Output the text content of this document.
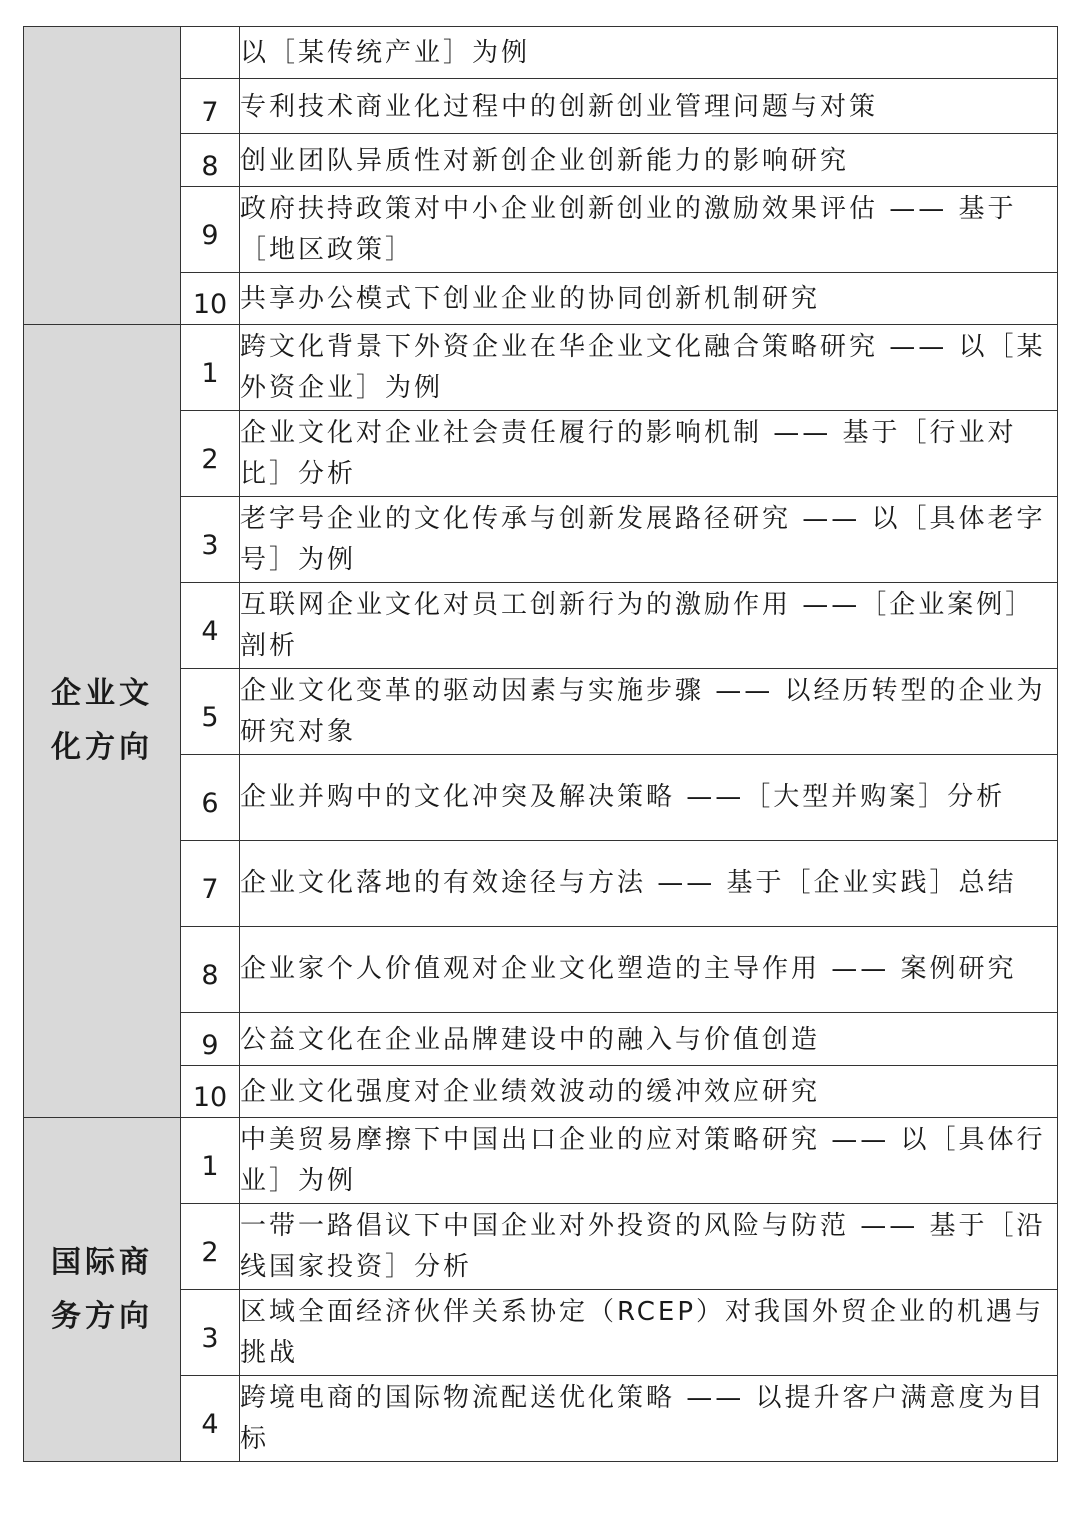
		以［某传统产业］为例
	7	专利技术商业化过程中的创新创业管理问题与对策
	8	创业团队异质性对新创企业创新能力的影响研究
	9	政府扶持政策对中小企业创新创业的激励效果评估 —— 基于［地区政策］
	10	共享办公模式下创业企业的协同创新机制研究
企业文化方向	1	跨文化背景下外资企业在华企业文化融合策略研究 —— 以［某外资企业］为例
	2	企业文化对企业社会责任履行的影响机制 —— 基于［行业对比］分析
	3	老字号企业的文化传承与创新发展路径研究 —— 以［具体老字号］为例
	4	互联网企业文化对员工创新行为的激励作用 ——［企业案例］剖析
	5	企业文化变革的驱动因素与实施步骤 —— 以经历转型的企业为研究对象
	6	企业并购中的文化冲突及解决策略 ——［大型并购案］分析
	7	企业文化落地的有效途径与方法 —— 基于［企业实践］总结
	8	企业家个人价值观对企业文化塑造的主导作用 —— 案例研究
	9	公益文化在企业品牌建设中的融入与价值创造
	10	企业文化强度对企业绩效波动的缓冲效应研究
国际商务方向	1	中美贸易摩擦下中国出口企业的应对策略研究 —— 以［具体行业］为例
	2	一带一路倡议下中国企业对外投资的风险与防范 —— 基于［沿线国家投资］分析
	3	区域全面经济伙伴关系协定（RCEP）对我国外贸企业的机遇与挑战
	4	跨境电商的国际物流配送优化策略 —— 以提升客户满意度为目标
